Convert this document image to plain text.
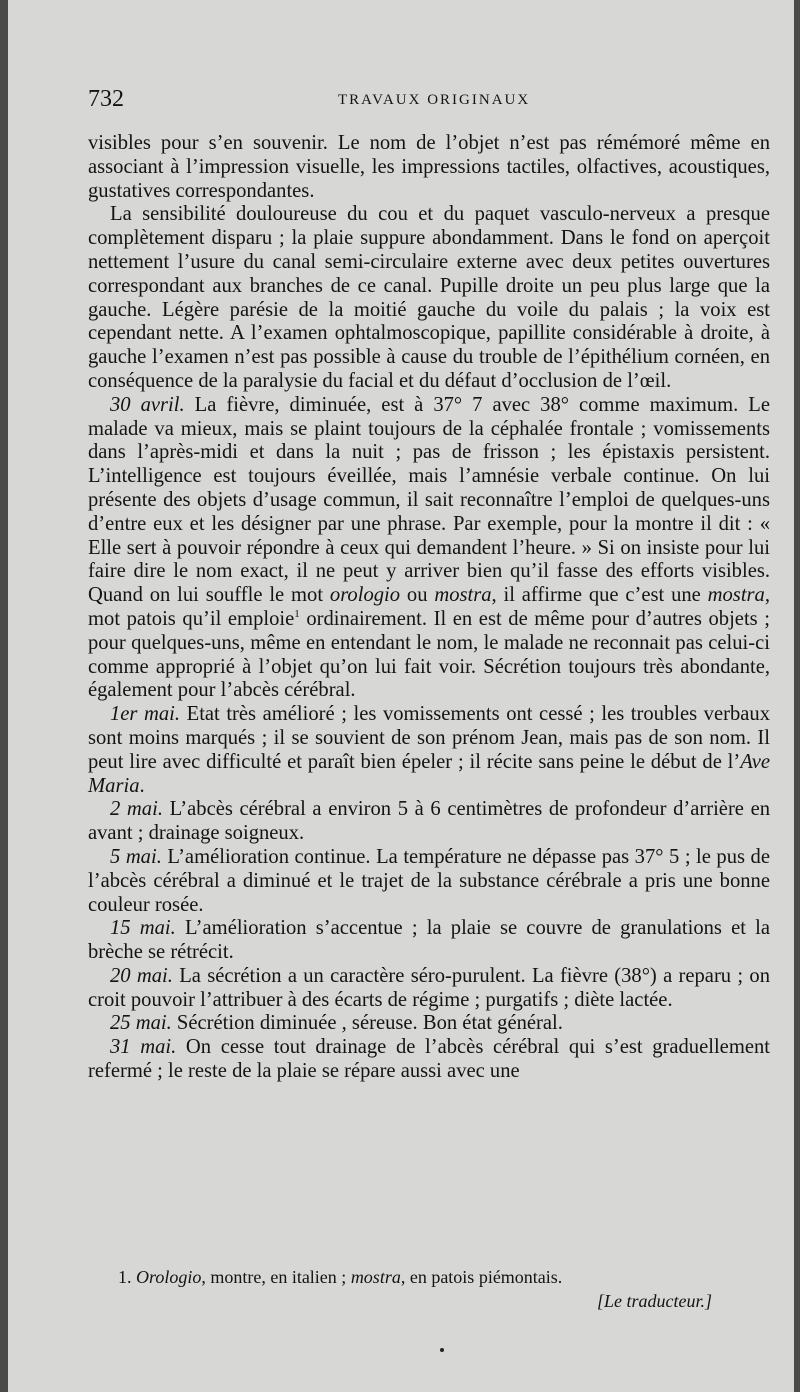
732	TRAVAUX ORIGINAUX

visibles pour s’en souvenir. Le nom de l’objet n’est pas rémémoré même en associant à l’impression visuelle, les impressions tactiles, olfactives, acoustiques, gustatives correspondantes.

La sensibilité douloureuse du cou et du paquet vasculo-nerveux a presque complètement disparu ; la plaie suppure abondamment. Dans le fond on aperçoit nettement l’usure du canal semi-circulaire externe avec deux petites ouvertures correspondant aux branches de ce canal. Pupille droite un peu plus large que la gauche. Légère parésie de la moitié gauche du voile du palais ; la voix est cependant nette. A l’examen ophtalmoscopique, papillite considérable à droite, à gauche l’examen n’est pas possible à cause du trouble de l’épithélium cornéen, en conséquence de la paralysie du facial et du défaut d’occlusion de l’œil.

30 avril. La fièvre, diminuée, est à 37° 7 avec 38° comme maximum. Le malade va mieux, mais se plaint toujours de la céphalée frontale ; vomissements dans l’après-midi et dans la nuit ; pas de frisson ; les épistaxis persistent. L’intelligence est toujours éveillée, mais l’amnésie verbale continue. On lui présente des objets d’usage commun, il sait reconnaître l’emploi de quelques-uns d’entre eux et les désigner par une phrase. Par exemple, pour la montre il dit : « Elle sert à pouvoir répondre à ceux qui demandent l’heure. » Si on insiste pour lui faire dire le nom exact, il ne peut y arriver bien qu’il fasse des efforts visibles. Quand on lui souffle le mot orologio ou mostra, il affirme que c’est une mostra, mot patois qu’il emploie$^1$ ordinairement. Il en est de même pour d’autres objets ; pour quelques-uns, même en entendant le nom, le malade ne reconnait pas celui-ci comme approprié à l’objet qu’on lui fait voir. Sécrétion toujours très abondante, également pour l’abcès cérébral.

1er mai. Etat très amélioré ; les vomissements ont cessé ; les troubles verbaux sont moins marqués ; il se souvient de son prénom Jean, mais pas de son nom. Il peut lire avec difficulté et paraît bien épeler ; il récite sans peine le début de l’Ave Maria.

2 mai. L’abcès cérébral a environ 5 à 6 centimètres de profondeur d’arrière en avant ; drainage soigneux.

5 mai. L’amélioration continue. La température ne dépasse pas 37° 5 ; le pus de l’abcès cérébral a diminué et le trajet de la substance cérébrale a pris une bonne couleur rosée.

15 mai. L’amélioration s’accentue ; la plaie se couvre de granulations et la brèche se rétrécit.

20 mai. La sécrétion a un caractère séro-purulent. La fièvre (38°) a reparu ; on croit pouvoir l’attribuer à des écarts de régime ; purgatifs ; diète lactée.

25 mai. Sécrétion diminuée , séreuse. Bon état général.

31 mai. On cesse tout drainage de l’abcès cérébral qui s’est graduellement refermé ; le reste de la plaie se répare aussi avec une

1. Orologio, montre, en italien ; mostra, en patois piémontais.
[Le traducteur.]
